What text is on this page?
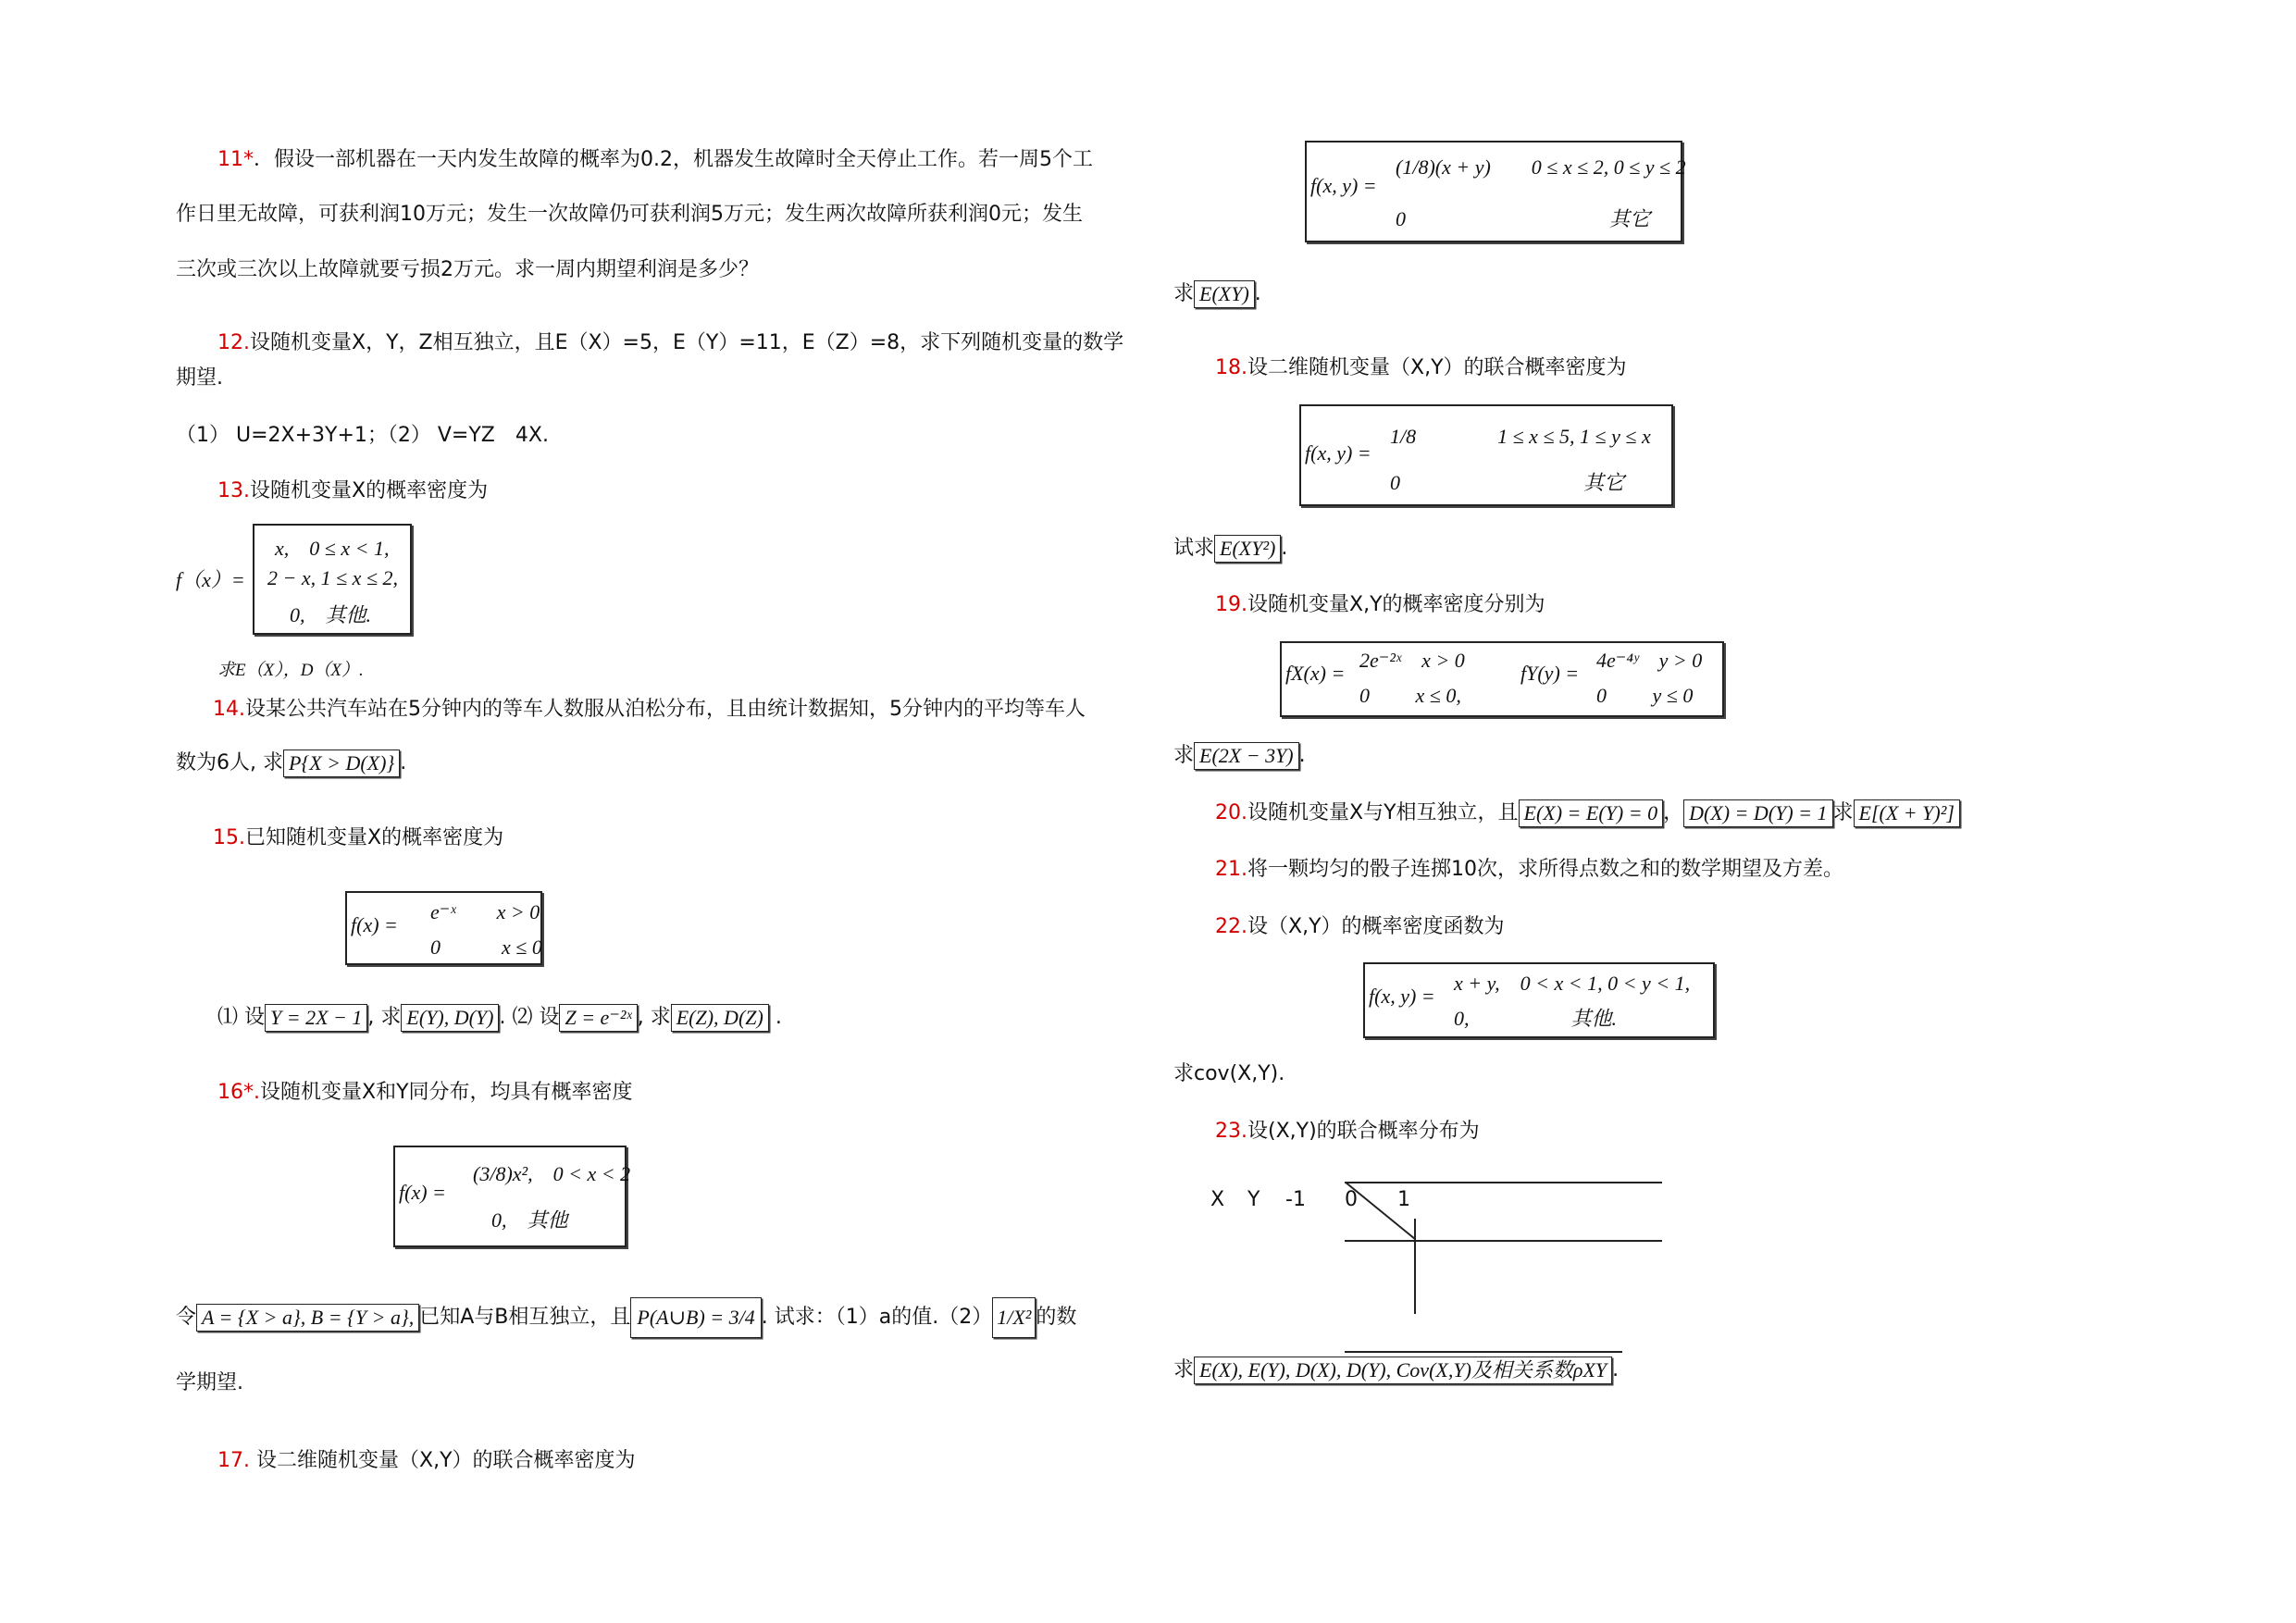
11*．假设一部机器在一天内发生故障的概率为0.2，机器发生故障时全天停止工作。若一周5个工
作日里无故障，可获利润10万元；发生一次故障仍可获利润5万元；发生两次故障所获利润0元；发生
三次或三次以上故障就要亏损2万元。求一周内期望利润是多少？
12.设随机变量X，Y，Z相互独立，且E（X）=5，E（Y）=11，E（Z）=8，求下列随机变量的数学
期望.
（1） U=2X+3Y+1；（2） V=YZ　4X.
13.设随机变量X的概率密度为
f（x）=
x,　0 ≤ x < 1,
2 − x, 1 ≤ x ≤ 2,
0,　其他.
求E（X），D（X）.
14.设某公共汽车站在5分钟内的等车人数服从泊松分布，且由统计数据知，5分钟内的平均等车人
数为6人, 求 P{X > D(X)} .
15.已知随机变量X的概率密度为
f(x) =
e⁻ˣ　　x > 0
0　　　x ≤ 0
⑴ 设 Y = 2X − 1 , 求 E(Y), D(Y) . ⑵ 设 Z = e⁻²ˣ , 求 E(Z), D(Z) .
16*.设随机变量X和Y同分布，均具有概率密度
f(x) =
(3/8)x²,　0 < x < 2
0,　其他
令 A = {X > a}, B = {Y > a}, 已知A与B相互独立，且 P(A∪B) = 3/4 . 试求：（1）a的值.（2） 1/X² 的数
学期望.
17. 设二维随机变量（X,Y）的联合概率密度为
f(x, y) =
(1/8)(x + y)　　0 ≤ x ≤ 2, 0 ≤ y ≤ 2
0　　　　　　　　　　其它
求 E(XY) .
18.设二维随机变量（X,Y）的联合概率密度为
f(x, y) =
1/8　　　　1 ≤ x ≤ 5, 1 ≤ y ≤ x
0　　　　　　　　　其它
试求 E(XY²) .
19.设随机变量X,Y的概率密度分别为
fX(x) =
2e⁻²ˣ　x > 0
0　　 x ≤ 0,
fY(y) =
4e⁻⁴ʸ　y > 0
0　　 y ≤ 0
求 E(2X − 3Y) .
20.设随机变量X与Y相互独立，且 E(X) = E(Y) = 0 ， D(X) = D(Y) = 1 求 E[(X + Y)²]
21.将一颗均匀的骰子连掷10次，求所得点数之和的数学期望及方差。
22.设（X,Y）的概率密度函数为
f(x, y) =
x + y,　0 < x < 1, 0 < y < 1,
0,　　　　　其他.
求cov(X,Y).
23.设(X,Y)的联合概率分布为
X Y -1 0 1
求 E(X), E(Y), D(X), D(Y), Cov(X,Y)及相关系数ρXY .
